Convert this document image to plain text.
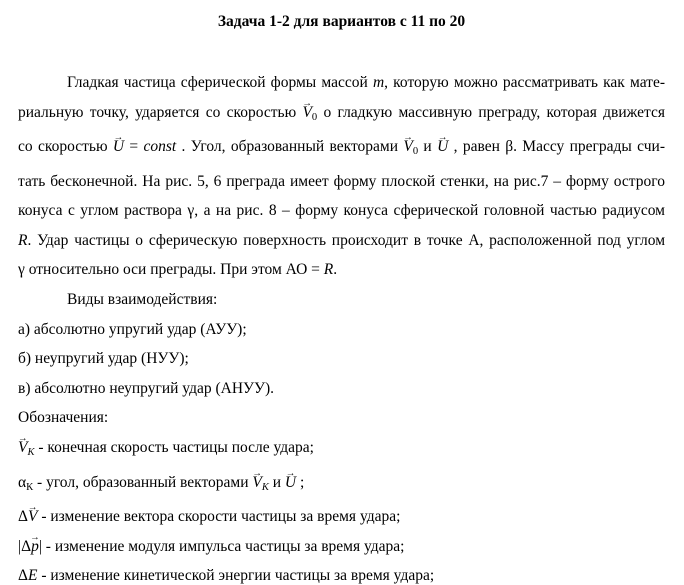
Задача 1-2 для вариантов с 11 по 20
Гладкая частица сферической формы массой m, которую можно рассматривать как мате-
риальную точку, ударяется со скоростью $V \to_0$ о гладкую массивную преграду, которая движется
со скоростью U → = const . Угол, образованный векторами $V \to_0$ и U → , равен β. Массу преграды счи-
тать бесконечной. На рис. 5, 6 преграда имеет форму плоской стенки, на рис.7 – форму острого
конуса с углом раствора γ, а на рис. 8 – форму конуса сферической головной частью радиусом
R. Удар частицы о сферическую поверхность происходит в точке А, расположенной под углом
γ относительно оси преграды. При этом АО = R.
Виды взаимодействия:
а) абсолютно упругий удар (АУУ);
б) неупругий удар (НУУ);
в) абсолютно неупругий удар (АНУУ).
Обозначения:
V →К - конечная скорость частицы после удара;
$\alpha_К$ - угол, образованный векторами V →К и U → ;
ΔV → - изменение вектора скорости частицы за время удара;
|Δp →| - изменение модуля импульса частицы за время удара;
ΔE - изменение кинетической энергии частицы за время удара;
